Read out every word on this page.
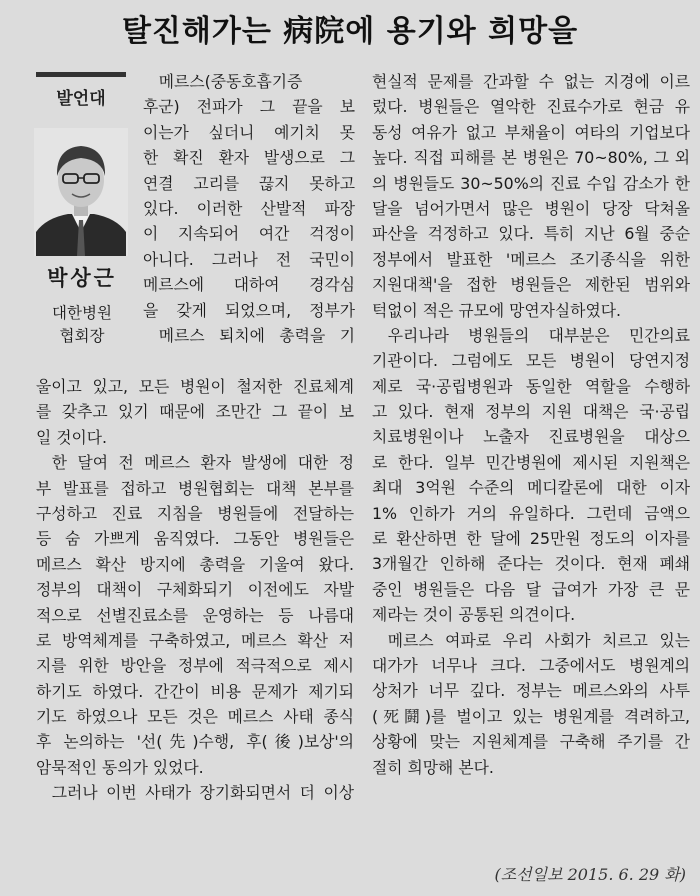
탈진해가는 病院에 용기와 희망을
발언대
박상근
대한병원
협회장
메르스(중동호흡기증
후군) 전파가 그 끝을 보
이는가 싶더니 예기치 못
한 확진 환자 발생으로 그
연결 고리를 끊지 못하고
있다. 이러한 산발적 파장
이 지속되어 여간 걱정이
아니다. 그러나 전 국민이
메르스에 대하여 경각심
을 갖게 되었으며, 정부가
메르스 퇴치에 총력을 기
울이고 있고, 모든 병원이 철저한 진료체계
를 갖추고 있기 때문에 조만간 그 끝이 보
일 것이다.
한 달여 전 메르스 환자 발생에 대한 정
부 발표를 접하고 병원협회는 대책 본부를
구성하고 진료 지침을 병원들에 전달하는
등 숨 가쁘게 움직였다. 그동안 병원들은
메르스 확산 방지에 총력을 기울여 왔다.
정부의 대책이 구체화되기 이전에도 자발
적으로 선별진료소를 운영하는 등 나름대
로 방역체계를 구축하였고, 메르스 확산 저
지를 위한 방안을 정부에 적극적으로 제시
하기도 하였다. 간간이 비용 문제가 제기되
기도 하였으나 모든 것은 메르스 사태 종식
후 논의하는 '선(先)수행, 후(後)보상'의
암묵적인 동의가 있었다.
그러나 이번 사태가 장기화되면서 더 이상
현실적 문제를 간과할 수 없는 지경에 이르
렀다. 병원들은 열악한 진료수가로 현금 유
동성 여유가 없고 부채율이 여타의 기업보다
높다. 직접 피해를 본 병원은 70~80%, 그 외
의 병원들도 30~50%의 진료 수입 감소가 한
달을 넘어가면서 많은 병원이 당장 닥쳐올
파산을 걱정하고 있다. 특히 지난 6월 중순
정부에서 발표한 '메르스 조기종식을 위한
지원대책'을 접한 병원들은 제한된 범위와
턱없이 적은 규모에 망연자실하였다.
우리나라 병원들의 대부분은 민간의료
기관이다. 그럼에도 모든 병원이 당연지정
제로 국·공립병원과 동일한 역할을 수행하
고 있다. 현재 정부의 지원 대책은 국·공립
치료병원이나 노출자 진료병원을 대상으
로 한다. 일부 민간병원에 제시된 지원책은
최대 3억원 수준의 메디칼론에 대한 이자
1% 인하가 거의 유일하다. 그런데 금액으
로 환산하면 한 달에 25만원 정도의 이자를
3개월간 인하해 준다는 것이다. 현재 폐쇄
중인 병원들은 다음 달 급여가 가장 큰 문
제라는 것이 공통된 의견이다.
메르스 여파로 우리 사회가 치르고 있는
대가가 너무나 크다. 그중에서도 병원계의
상처가 너무 깊다. 정부는 메르스와의 사투
(死鬪)를 벌이고 있는 병원계를 격려하고,
상황에 맞는 지원체계를 구축해 주기를 간
절히 희망해 본다.
(조선일보 2015. 6. 29 화)
